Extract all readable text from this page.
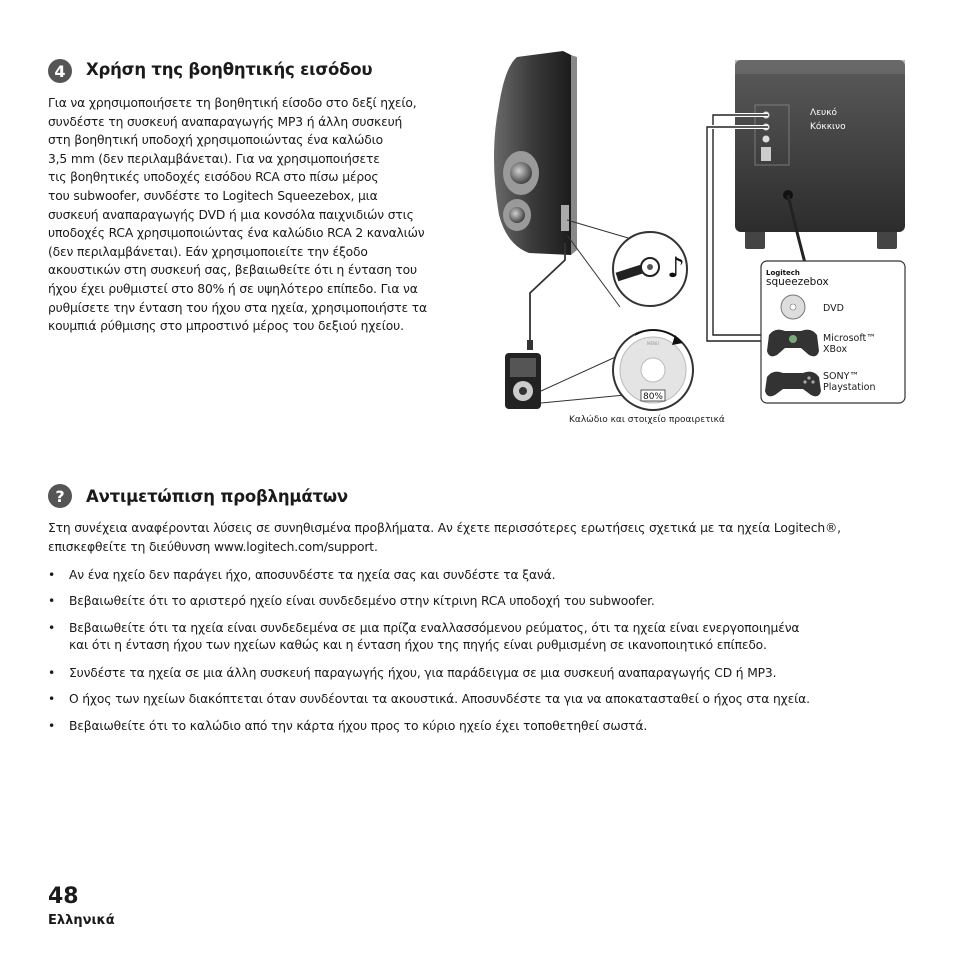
4	Χρήση της βοηθητικής εισόδου
Για να χρησιμοποιήσετε τη βοηθητική είσοδο στο δεξί ηχείο,
συνδέστε τη συσκευή αναπαραγωγής MP3 ή άλλη συσκευή
στη βοηθητική υποδοχή χρησιμοποιώντας ένα καλώδιο
3,5 mm (δεν περιλαμβάνεται). Για να χρησιμοποιήσετε
τις βοηθητικές υποδοχές εισόδου RCA στο πίσω μέρος
του subwoofer, συνδέστε το Logitech Squeezebox, μια
συσκευή αναπαραγωγής DVD ή μια κονσόλα παιχνιδιών στις
υποδοχές RCA χρησιμοποιώντας ένα καλώδιο RCA 2 καναλιών
(δεν περιλαμβάνεται). Εάν χρησιμοποιείτε την έξοδο
ακουστικών στη συσκευή σας, βεβαιωθείτε ότι η ένταση του
ήχου έχει ρυθμιστεί στο 80% ή σε υψηλότερο επίπεδο. Για να
ρυθμίσετε την ένταση του ήχου στα ηχεία, χρησιμοποιήστε τα
κουμπιά ρύθμισης στο μπροστινό μέρος του δεξιού ηχείου.
♪
MENU
80%
Λευκό
Κόκκινο
Logitech
squeezebox
DVD
Microsoft™
XBox
SONY™
Playstation
Καλώδιο και στοιχείο προαιρετικά
?	Αντιμετώπιση προβλημάτων
Στη συνέχεια αναφέρονται λύσεις σε συνηθισμένα προβλήματα. Αν έχετε περισσότερες ερωτήσεις σχετικά με τα ηχεία Logitech®,
επισκεφθείτε τη διεύθυνση www.logitech.com/support.
• Αν ένα ηχείο δεν παράγει ήχο, αποσυνδέστε τα ηχεία σας και συνδέστε τα ξανά.
• Βεβαιωθείτε ότι το αριστερό ηχείο είναι συνδεδεμένο στην κίτρινη RCA υποδοχή του subwoofer.
• Βεβαιωθείτε ότι τα ηχεία είναι συνδεδεμένα σε μια πρίζα εναλλασσόμενου ρεύματος, ότι τα ηχεία είναι ενεργοποιημένα
και ότι η ένταση ήχου των ηχείων καθώς και η ένταση ήχου της πηγής είναι ρυθμισμένη σε ικανοποιητικό επίπεδο.
• Συνδέστε τα ηχεία σε μια άλλη συσκευή παραγωγής ήχου, για παράδειγμα σε μια συσκευή αναπαραγωγής CD ή MP3.
• Ο ήχος των ηχείων διακόπτεται όταν συνδέονται τα ακουστικά. Αποσυνδέστε τα για να αποκατασταθεί ο ήχος στα ηχεία.
• Βεβαιωθείτε ότι το καλώδιο από την κάρτα ήχου προς το κύριο ηχείο έχει τοποθετηθεί σωστά.
48
Ελληνικά
